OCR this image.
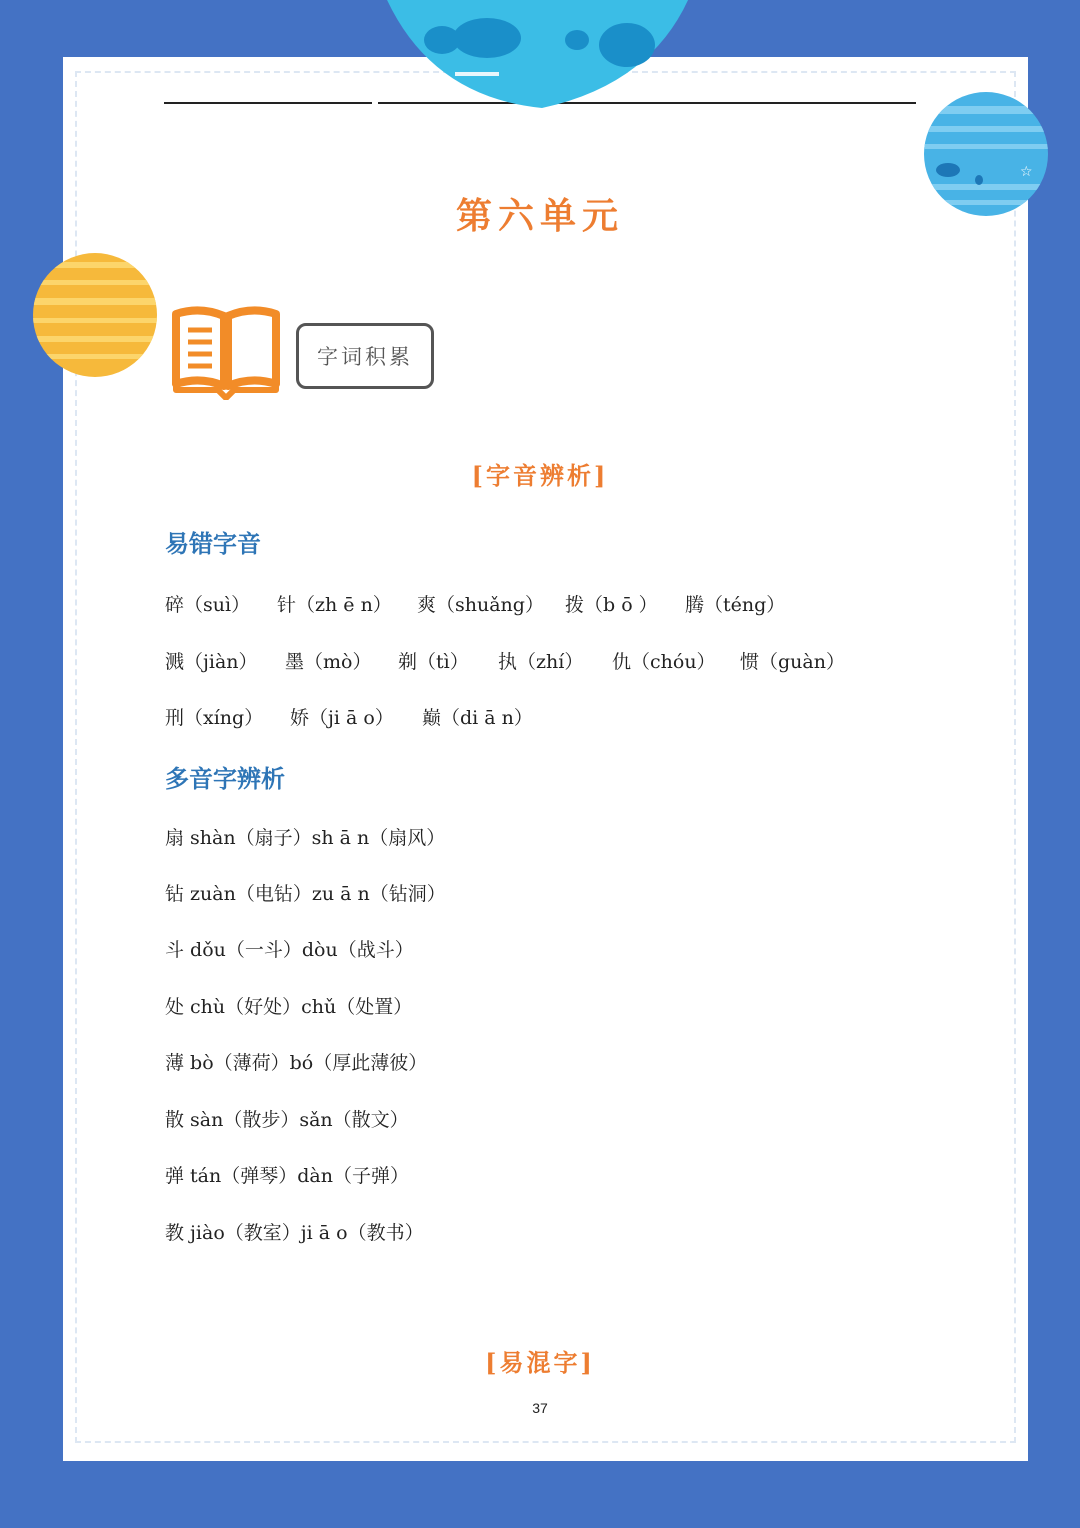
☆
第六单元
字词积累
[字音辨析]
易错字音
碎（suì） 针（zh ē n） 爽（shuǎng） 拨（b ō ） 腾（téng）
溅（jiàn） 墨（mò） 剃（tì） 执（zhí） 仇（chóu） 惯（guàn）
刑（xíng） 娇（ji ā o） 巅（di ā n）
多音字辨析
扇 shàn（扇子）sh ā n（扇风）
钻 zuàn（电钻）zu ā n（钻洞）
斗 dǒu（一斗）dòu（战斗）
处 chù（好处）chǔ（处置）
薄 bò（薄荷）bó（厚此薄彼）
散 sàn（散步）sǎn（散文）
弹 tán（弹琴）dàn（子弹）
教 jiào（教室）ji ā o（教书）
[易混字]
37
